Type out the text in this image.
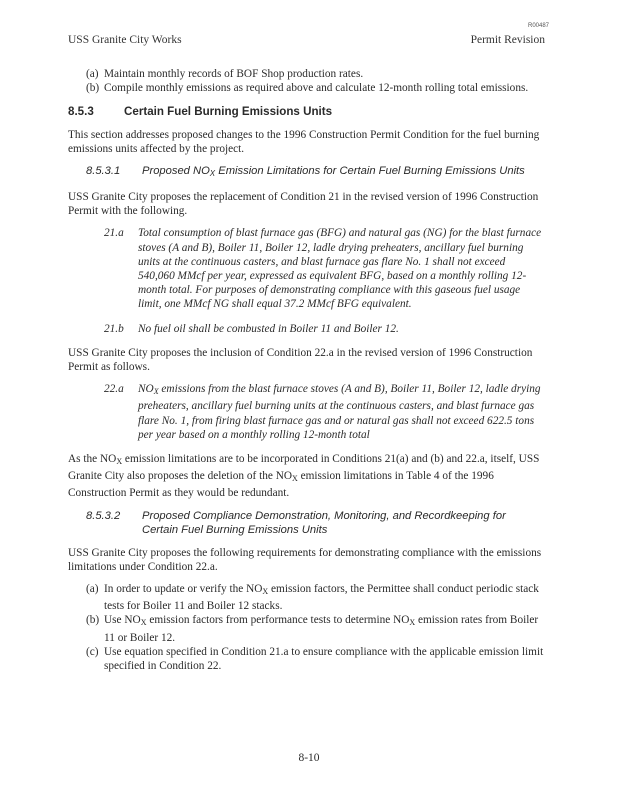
USS Granite City Works
R00487
Permit Revision
(a) Maintain monthly records of BOF Shop production rates.
(b) Compile monthly emissions as required above and calculate 12-month rolling total emissions.
8.5.3	Certain Fuel Burning Emissions Units

This section addresses proposed changes to the 1996 Construction Permit Condition for the fuel burning emissions units affected by the project.

8.5.3.1 Proposed $NO_X$ Emission Limitations for Certain Fuel Burning Emissions Units

USS Granite City proposes the replacement of Condition 21 in the revised version of 1996 Construction Permit with the following.

21.a Total consumption of blast furnace gas (BFG) and natural gas (NG) for the blast furnace stoves (A and B), Boiler 11, Boiler 12, ladle drying preheaters, ancillary fuel burning units at the continuous casters, and blast furnace gas flare No. 1 shall not exceed 540,060 MMcf per year, expressed as equivalent BFG, based on a monthly rolling 12-month total. For purposes of demonstrating compliance with this gaseous fuel usage limit, one MMcf NG shall equal 37.2 MMcf BFG equivalent.
21.b No fuel oil shall be combusted in Boiler 11 and Boiler 12.

USS Granite City proposes the inclusion of Condition 22.a in the revised version of 1996 Construction Permit as follows.

22.a $NO_X$ emissions from the blast furnace stoves (A and B), Boiler 11, Boiler 12, ladle drying preheaters, ancillary fuel burning units at the continuous casters, and blast furnace gas flare No. 1, from firing blast furnace gas and or natural gas shall not exceed 622.5 tons per year based on a monthly rolling 12-month total

As the $NO_X$ emission limitations are to be incorporated in Conditions 21(a) and (b) and 22.a, itself, USS Granite City also proposes the deletion of the $NO_X$ emission limitations in Table 4 of the 1996 Construction Permit as they would be redundant.

8.5.3.2 Proposed Compliance Demonstration, Monitoring, and Recordkeeping for Certain Fuel Burning Emissions Units

USS Granite City proposes the following requirements for demonstrating compliance with the emissions limitations under Condition 22.a.

(a) In order to update or verify the $NO_X$ emission factors, the Permittee shall conduct periodic stack tests for Boiler 11 and Boiler 12 stacks.
(b) Use $NO_X$ emission factors from performance tests to determine $NO_X$ emission rates from Boiler 11 or Boiler 12.
(c) Use equation specified in Condition 21.a to ensure compliance with the applicable emission limit specified in Condition 22.
8-10
